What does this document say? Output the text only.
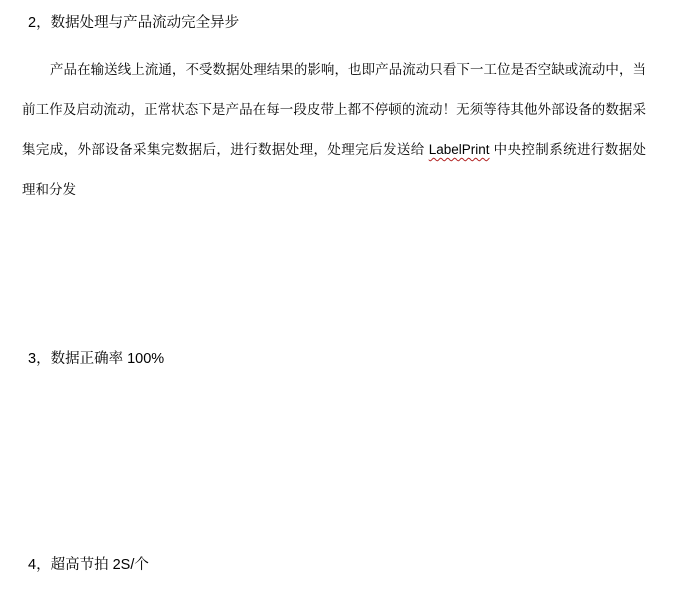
2，数据处理与产品流动完全异步
产品在输送线上流通，不受数据处理结果的影响，也即产品流动只看下一工位是否空缺或流动中，当
前工作及启动流动，正常状态下是产品在每一段皮带上都不停顿的流动！无须等待其他外部设备的数据采
集完成，外部设备采集完数据后，进行数据处理，处理完后发送给 LabelPrint 中央控制系统进行数据处
理和分发
3，数据正确率 100%
4，超高节拍 2S/个
